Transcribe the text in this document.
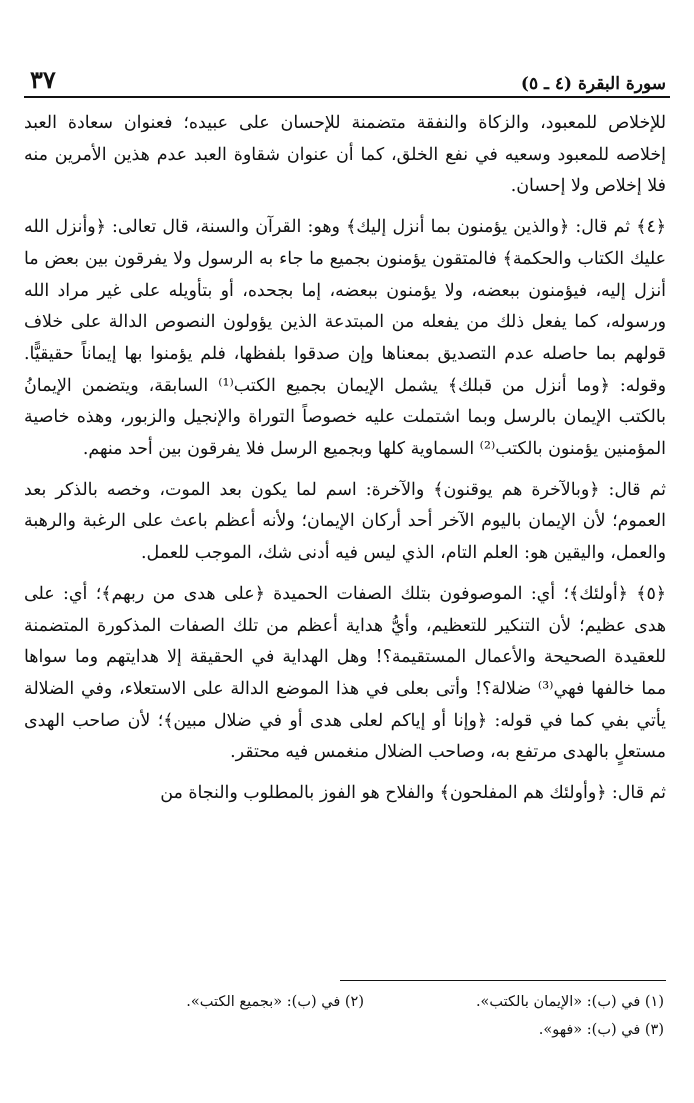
سورة البقرة (٤ ـ ٥)
٣٧

للإخلاص للمعبود، والزكاة والنفقة متضمنة للإحسان على عبيده؛ فعنوان سعادة العبد إخلاصه للمعبود وسعيه في نفع الخلق، كما أن عنوان شقاوة العبد عدم هذين الأمرين منه فلا إخلاص ولا إحسان.

﴿٤﴾ ثم قال: ﴿والذين يؤمنون بما أنزل إليك﴾ وهو: القرآن والسنة، قال تعالى: ﴿وأنزل الله عليك الكتاب والحكمة﴾ فالمتقون يؤمنون بجميع ما جاء به الرسول ولا يفرقون بين بعض ما أنزل إليه، فيؤمنون ببعضه، ولا يؤمنون ببعضه، إما بجحده، أو بتأويله على غير مراد الله ورسوله، كما يفعل ذلك من يفعله من المبتدعة الذين يؤولون النصوص الدالة على خلاف قولهم بما حاصله عدم التصديق بمعناها وإن صدقوا بلفظها، فلم يؤمنوا بها إيماناً حقيقيًّا. وقوله: ﴿وما أنزل من قبلك﴾ يشمل الإيمان بجميع الكتب⁽¹⁾ السابقة، ويتضمن الإيمانُ بالكتب الإيمان بالرسل وبما اشتملت عليه خصوصاً التوراة والإنجيل والزبور، وهذه خاصية المؤمنين يؤمنون بالكتب⁽²⁾ السماوية كلها وبجميع الرسل فلا يفرقون بين أحد منهم.

ثم قال: ﴿وبالآخرة هم يوقنون﴾ والآخرة: اسم لما يكون بعد الموت، وخصه بالذكر بعد العموم؛ لأن الإيمان باليوم الآخر أحد أركان الإيمان؛ ولأنه أعظم باعث على الرغبة والرهبة والعمل، واليقين هو: العلم التام، الذي ليس فيه أدنى شك، الموجب للعمل.

﴿٥﴾ ﴿أولئك﴾؛ أي: الموصوفون بتلك الصفات الحميدة ﴿على هدى من ربهم﴾؛ أي: على هدى عظيم؛ لأن التنكير للتعظيم، وأيُّ هداية أعظم من تلك الصفات المذكورة المتضمنة للعقيدة الصحيحة والأعمال المستقيمة؟! وهل الهداية في الحقيقة إلا هدايتهم وما سواها مما خالفها فهي⁽³⁾ ضلالة؟! وأتى بعلى في هذا الموضع الدالة على الاستعلاء، وفي الضلالة يأتي بفي كما في قوله: ﴿وإنا أو إياكم لعلى هدى أو في ضلال مبين﴾؛ لأن صاحب الهدى مستعلٍ بالهدى مرتفع به، وصاحب الضلال منغمس فيه محتقر.

ثم قال: ﴿وأولئك هم المفلحون﴾ والفلاح هو الفوز بالمطلوب والنجاة من

(١) في (ب): «الإيمان بالكتب».
(٢) في (ب): «بجميع الكتب».
(٣) في (ب): «فهو».
